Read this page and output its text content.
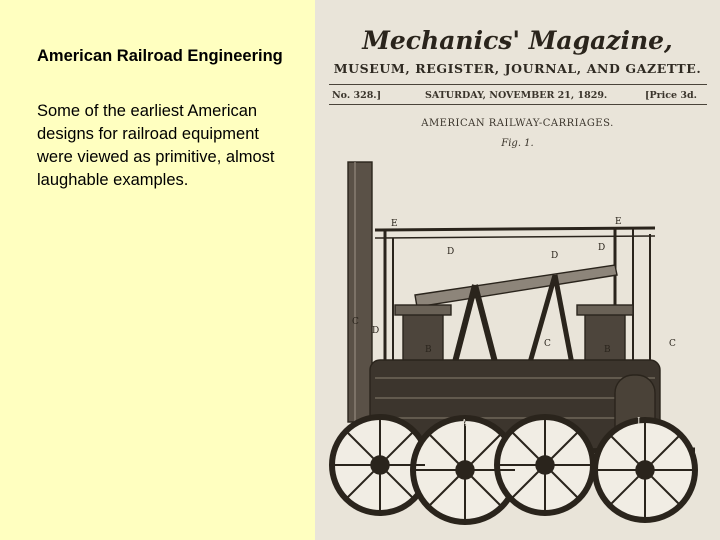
American Railroad Engineering
Some of the earliest American designs for railroad equipment were viewed as primitive, almost laughable examples.
Mechanics' Magazine,
MUSEUM, REGISTER, JOURNAL, AND GAZETTE.
No. 328.]	SATURDAY, NOVEMBER 21, 1829.	[Price 3d.
AMERICAN RAILWAY-CARRIAGES.
Fig. 1.
E	E
D	D
D
D
B	B
C
C	C
A	I
